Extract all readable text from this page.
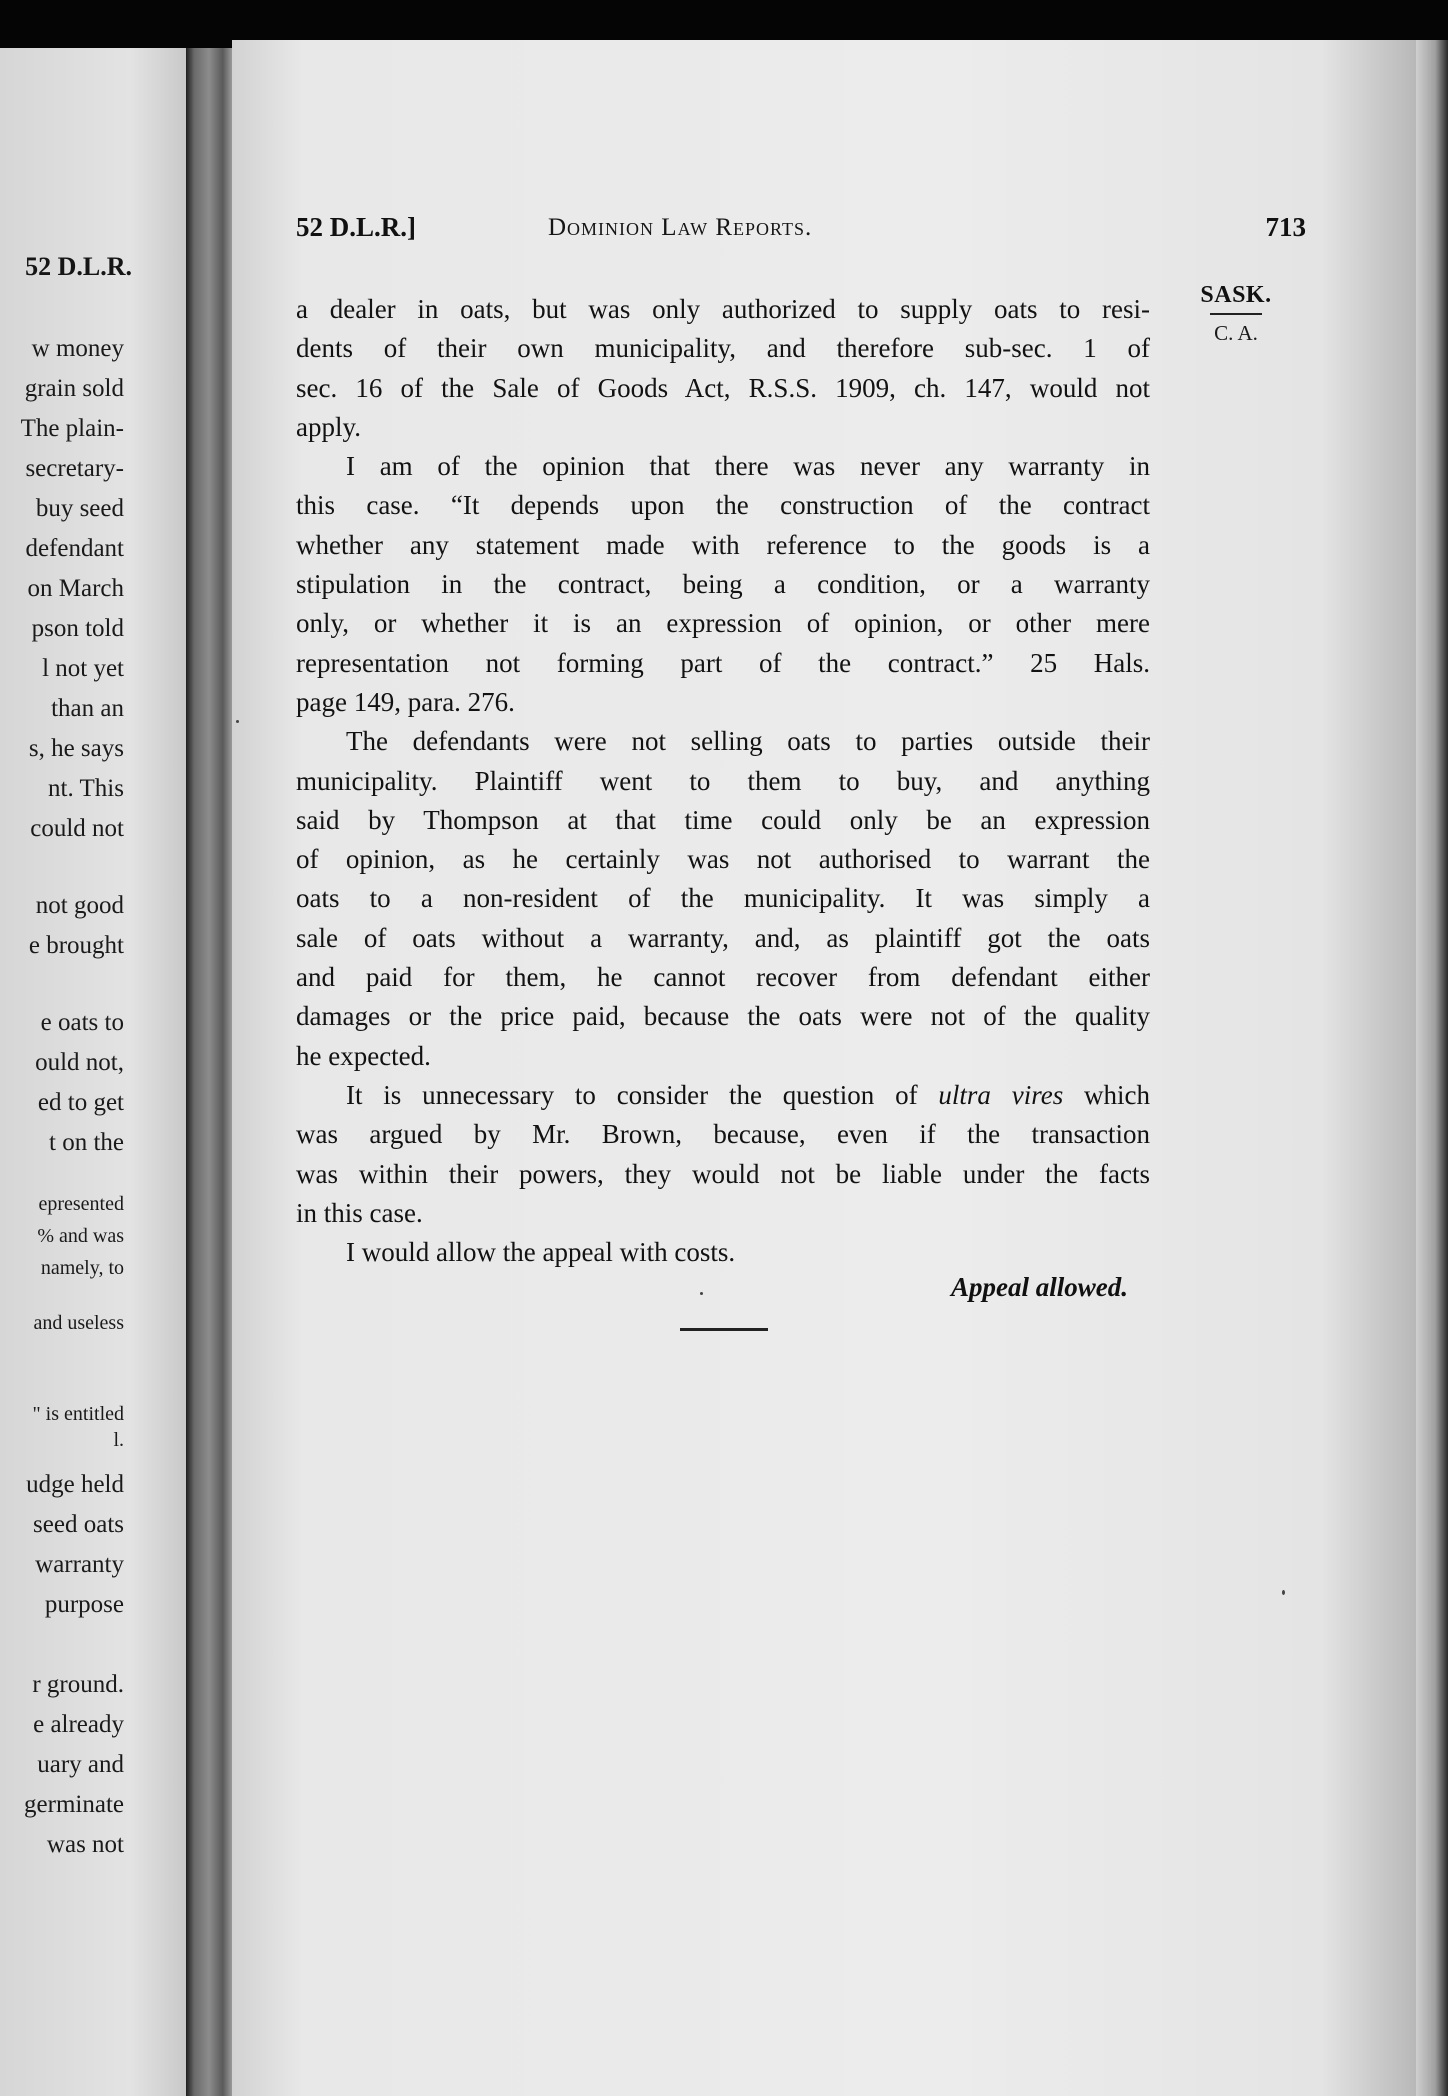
52 D.L.R.
w money
grain sold
The plain-
secretary-
buy seed
defendant
on March
pson told
l not yet
than an
s, he says
nt. This
could not
not good
e brought
e oats to
ould not,
ed to get
t on the
epresented
% and was
namely, to
and useless
" is entitled
l.
udge held
seed oats
warranty
purpose
r ground.
e already
uary and
germinate
was not
52 D.L.R.]	Dominion Law Reports.	713
SASK.
C. A.
a dealer in oats, but was only authorized to supply oats to resi-
dents of their own municipality, and therefore sub-sec. 1 of
sec. 16 of the Sale of Goods Act, R.S.S. 1909, ch. 147, would not
apply.
I am of the opinion that there was never any warranty in
this case. “It depends upon the construction of the contract
whether any statement made with reference to the goods is a
stipulation in the contract, being a condition, or a warranty
only, or whether it is an expression of opinion, or other mere
representation not forming part of the contract.” 25 Hals.
page 149, para. 276.
The defendants were not selling oats to parties outside their
municipality. Plaintiff went to them to buy, and anything
said by Thompson at that time could only be an expression
of opinion, as he certainly was not authorised to warrant the
oats to a non-resident of the municipality. It was simply a
sale of oats without a warranty, and, as plaintiff got the oats
and paid for them, he cannot recover from defendant either
damages or the price paid, because the oats were not of the quality
he expected.
It is unnecessary to consider the question of ultra vires which
was argued by Mr. Brown, because, even if the transaction
was within their powers, they would not be liable under the facts
in this case.
I would allow the appeal with costs.
Appeal allowed.
